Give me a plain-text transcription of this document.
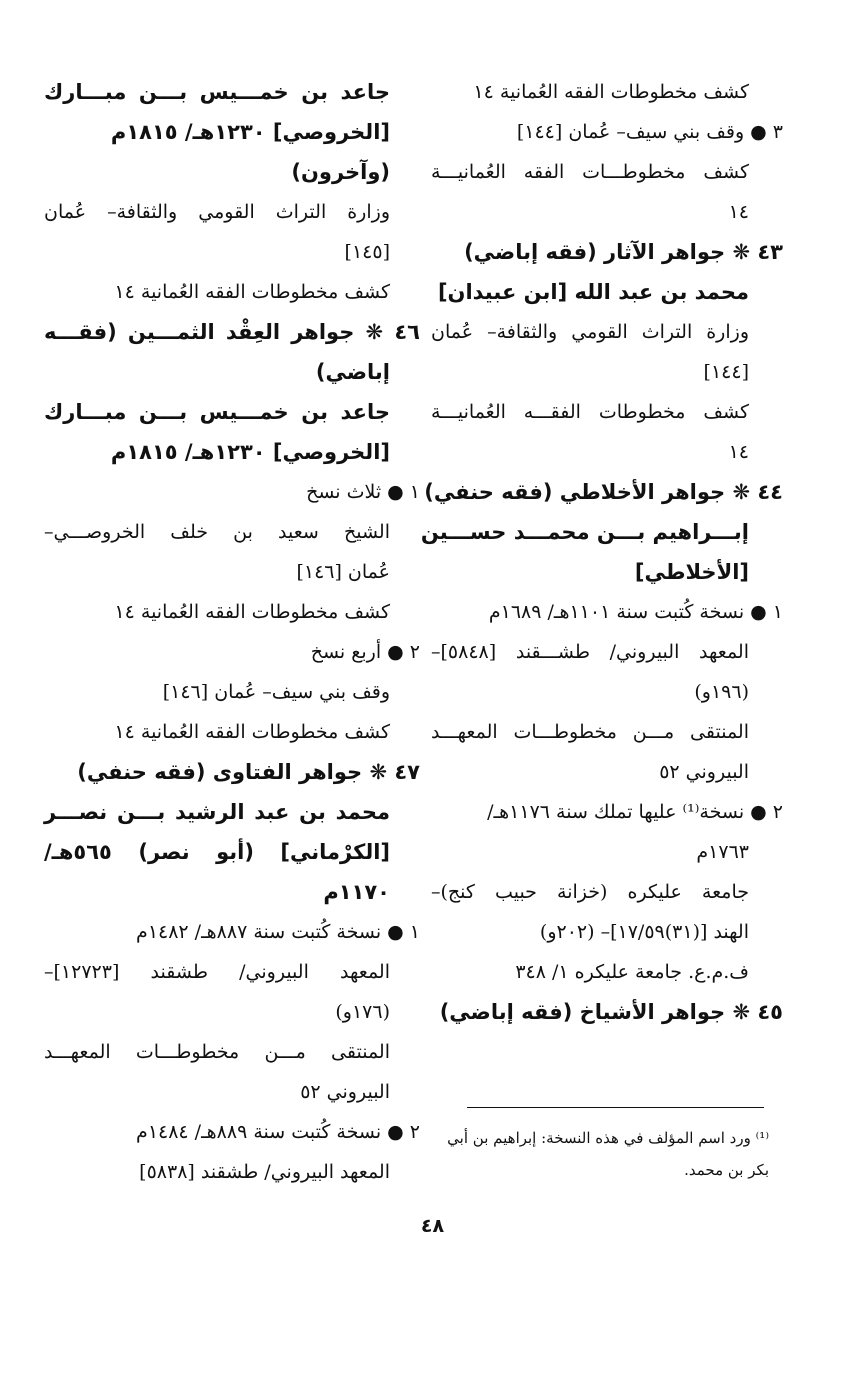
كشف مخطوطات الفقه العُمانية ١٤
٣ ● وقف بني سيف– عُمان [١٤٤]
كشف مخطوطـــات الفقه العُمانيـــة
١٤
٤٣ ❋ جواهر الآثار (فقه إباضي)
محمد بن عبد الله [ابن عبيدان]
وزارة التراث القومي والثقافة– عُمان
[١٤٤]
كشف مخطوطات الفقـــه العُمانيـــة
١٤
٤٤ ❋ جواهر الأخلاطي (فقه حنفي)
إبـــراهيم بـــن محمـــد حســـين
[الأخلاطي]
١ ● نسخة كُتبت سنة ١١٠١هـ/ ١٦٨٩م
المعهد البيروني/ طشـــقند [٥٨٤٨]–
(١٩٦و)
المنتقى مـــن مخطوطـــات المعهـــد
البيروني ٥٢
٢ ● نسخة⁽¹⁾ عليها تملك سنة ١١٧٦هـ/
١٧٦٣م
جامعة عليكره (خزانة حبيب كنج)–
الهند [(٣١)١٧/٥٩]– (٢٠٢و)
ف.م.ع. جامعة عليكره ١/ ٣٤٨
٤٥ ❋ جواهر الأشياخ (فقه إباضي)
جاعد بن خمـــيس بـــن مبـــارك
[الخروصي] ١٢٣٠هـ/ ١٨١٥م
(وآخرون)
وزارة التراث القومي والثقافة– عُمان
[١٤٥]
كشف مخطوطات الفقه العُمانية ١٤
٤٦ ❋ جواهر العِقْد الثمـــين (فقـــه
إباضي)
جاعد بن خمـــيس بـــن مبـــارك
[الخروصي] ١٢٣٠هـ/ ١٨١٥م
١ ● ثلاث نسخ
الشيخ سعيد بن خلف الخروصـــي–
عُمان [١٤٦]
كشف مخطوطات الفقه العُمانية ١٤
٢ ● أربع نسخ
وقف بني سيف– عُمان [١٤٦]
كشف مخطوطات الفقه العُمانية ١٤
٤٧ ❋ جواهر الفتاوى (فقه حنفي)
محمد بن عبد الرشيد بـــن نصـــر
[الكرْماني] (أبو نصر) ٥٦٥هـ/
١١٧٠م
١ ● نسخة كُتبت سنة ٨٨٧هـ/ ١٤٨٢م
المعهد البيروني/ طشقند [١٢٧٢٣]–
(١٧٦و)
المنتقى مـــن مخطوطـــات المعهـــد
البيروني ٥٢
٢ ● نسخة كُتبت سنة ٨٨٩هـ/ ١٤٨٤م
المعهد البيروني/ طشقند [٥٨٣٨]
⁽¹⁾ ورد اسم المؤلف في هذه النسخة: إبراهيم بن أبي
بكر بن محمد.
٤٨
